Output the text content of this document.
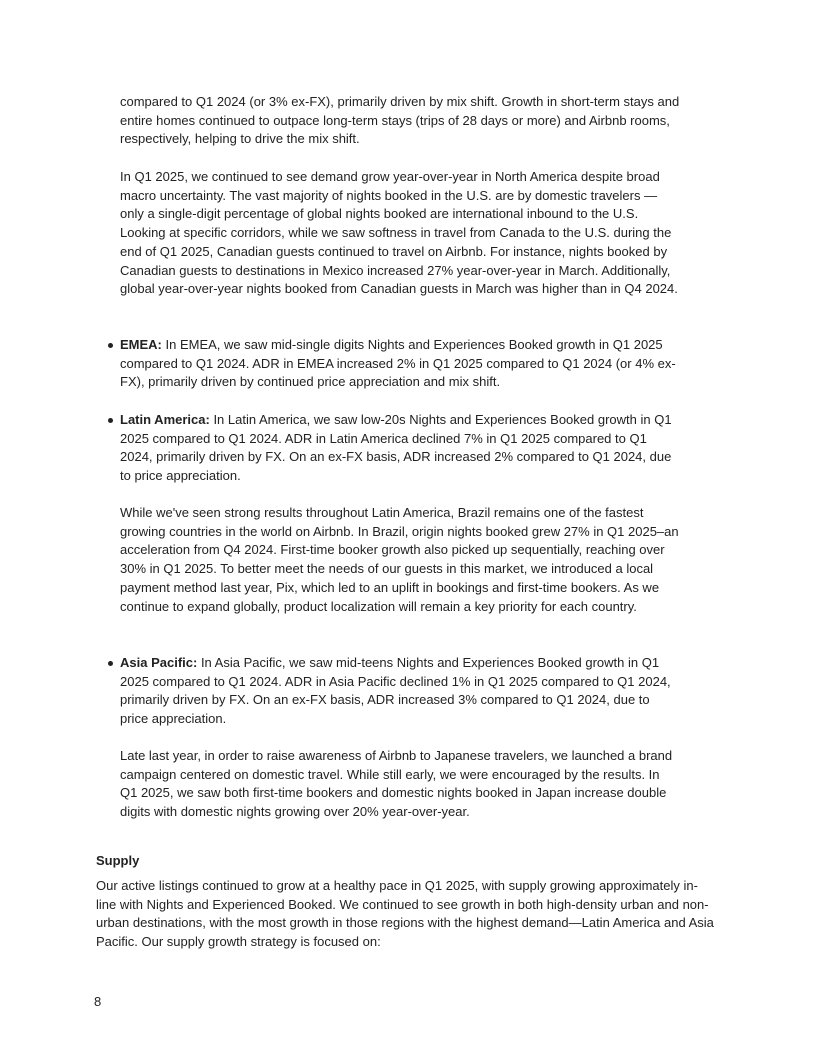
compared to Q1 2024 (or 3% ex-FX), primarily driven by mix shift. Growth in short-term stays and entire homes continued to outpace long-term stays (trips of 28 days or more) and Airbnb rooms, respectively, helping to drive the mix shift.

In Q1 2025, we continued to see demand grow year-over-year in North America despite broad macro uncertainty. The vast majority of nights booked in the U.S. are by domestic travelers —only a single-digit percentage of global nights booked are international inbound to the U.S. Looking at specific corridors, while we saw softness in travel from Canada to the U.S. during the end of Q1 2025, Canadian guests continued to travel on Airbnb. For instance, nights booked by Canadian guests to destinations in Mexico increased 27% year-over-year in March. Additionally, global year-over-year nights booked from Canadian guests in March was higher than in Q4 2024.

EMEA: In EMEA, we saw mid-single digits Nights and Experiences Booked growth in Q1 2025 compared to Q1 2024. ADR in EMEA increased 2% in Q1 2025 compared to Q1 2024 (or 4% ex-FX), primarily driven by continued price appreciation and mix shift.

Latin America: In Latin America, we saw low-20s Nights and Experiences Booked growth in Q1 2025 compared to Q1 2024. ADR in Latin America declined 7% in Q1 2025 compared to Q1 2024, primarily driven by FX. On an ex-FX basis, ADR increased 2% compared to Q1 2024, due to price appreciation.

While we've seen strong results throughout Latin America, Brazil remains one of the fastest growing countries in the world on Airbnb. In Brazil, origin nights booked grew 27% in Q1 2025–an acceleration from Q4 2024. First-time booker growth also picked up sequentially, reaching over 30% in Q1 2025. To better meet the needs of our guests in this market, we introduced a local payment method last year, Pix, which led to an uplift in bookings and first-time bookers. As we continue to expand globally, product localization will remain a key priority for each country.

Asia Pacific: In Asia Pacific, we saw mid-teens Nights and Experiences Booked growth in Q1 2025 compared to Q1 2024. ADR in Asia Pacific declined 1% in Q1 2025 compared to Q1 2024, primarily driven by FX. On an ex-FX basis, ADR increased 3% compared to Q1 2024, due to price appreciation.

Late last year, in order to raise awareness of Airbnb to Japanese travelers, we launched a brand campaign centered on domestic travel. While still early, we were encouraged by the results. In Q1 2025, we saw both first-time bookers and domestic nights booked in Japan increase double digits with domestic nights growing over 20% year-over-year.

Supply

Our active listings continued to grow at a healthy pace in Q1 2025, with supply growing approximately in-line with Nights and Experienced Booked. We continued to see growth in both high-density urban and non-urban destinations, with the most growth in those regions with the highest demand—Latin America and Asia Pacific. Our supply growth strategy is focused on:

8
